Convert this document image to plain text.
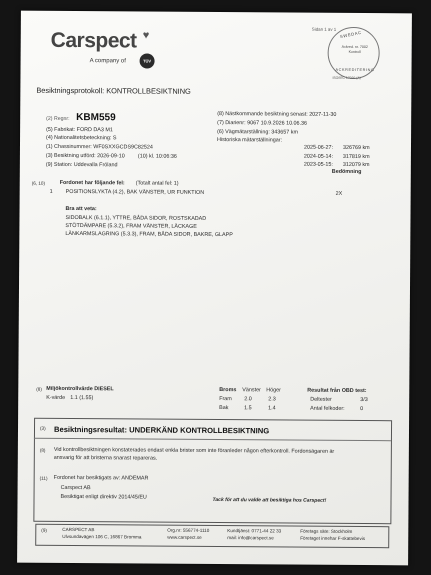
Carspect ♥
A company of	TÜV
Sidan 1 av 1
SWEDAC
Ackred. nr. 7002
Kontroll
ACKREDITERING
ISO/IEC 17020 (A)
Besiktningsprotokoll: KONTROLLBESIKTNING
(2) Regnr: KBM559
(5) Fabrikat: FORD DA3 M1
(4) Nationalitetsbeteckning: S
(1) Chassinummer: WF0SXXGCDS9C82524
(3) Besiktning utförd: 2026-09-10 (10) kl. 10:06:36
(9) Station: Uddevalla Fröland
(8) Nästkommande besiktning senast: 2027-11-30
(7) Diarienr: 9067 10.9.2026 10.06.36
(6) Vägmätarställning: 343657 km
Historiska mätarställningar:
2025-06-27: 326769 km
2024-05-14: 317819 km
2023-05-15: 312079 km
(6, 10)	Fordonet har följande fel: (Totalt antal fel: 1)
Bedömning
1 POSITIONSLYKTA (4.2), BAK VÄNSTER, UR FUNKTION	2X
Bra att veta:
SIDOBALK (6.1.1), YTTRE, BÅDA SIDOR, ROSTSKADAD
STÖTDÄMPARE (5.3.2), FRAM VÄNSTER, LÄCKAGE
LÄNKARMSLAGRING (5.3.3), FRAM, BÅDA SIDOR, BAKRE, GLAPP
(8) Miljökontrollvärde DIESEL
K-värde 1.1 (1.55)
Broms Vänster Höger
Fram 2.0	2.3
Bak	1.5	1.4
Resultat från OBD test:
Deltester	3/3
Antal felkoder:	0
(3) Besiktningsresultat: UNDERKÄND KONTROLLBESIKTNING
(8) Vid kontrollbesiktningen konstaterades endast enkla brister som inte föranleder någon efterkontroll. Fordonsägaren är
ansvarig för att bristerna snarast repareras.
(11) Fordonet har besiktigats av: ANDEMAR
Carspect AB
Besiktigat enligt direktiv 2014/45/EU	Tack för att du valde att besiktiga hos Carspect!
(9)	CARSPECT AB
Ulvsundavägen 106 C, 16867 Bromma
Org.nr: 556774-1110
www.carspect.se
Kundtjänst: 0771-44 22 33
mail: info@carspect.se
Företags säte: Stockholm
Företaget innehar F-skattebevis
